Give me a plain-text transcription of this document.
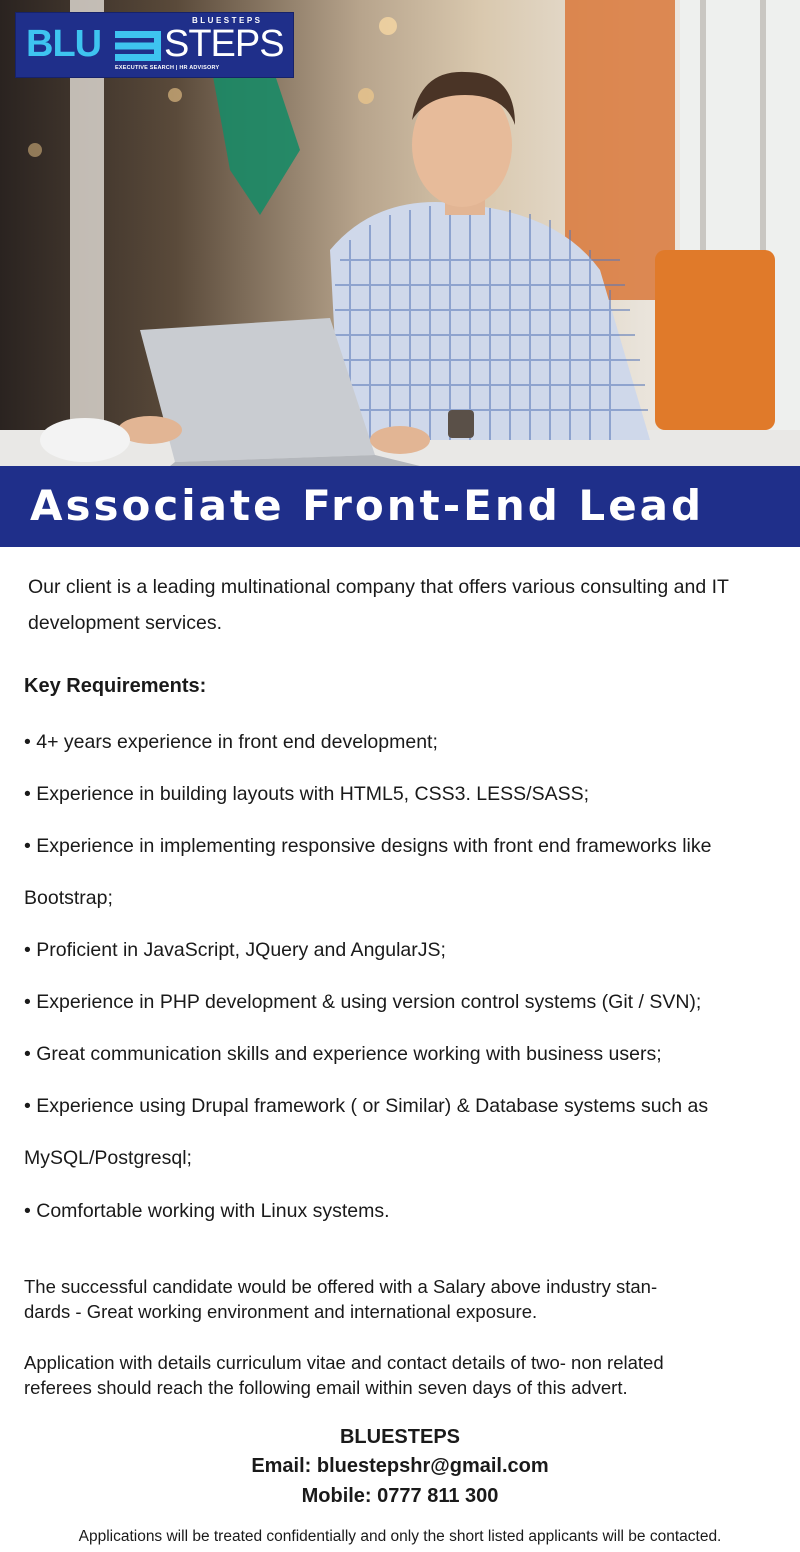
BLUESTEPS
BLU STEPS
EXECUTIVE SEARCH | HR ADVISORY
Associate Front-End Lead

Our client is a leading multinational company that offers various consulting and IT

development services.

Key Requirements:

• 4+ years experience in front end development;

• Experience in building layouts with HTML5, CSS3. LESS/SASS;

• Experience in implementing responsive designs with front end frameworks like

Bootstrap;

• Proficient in JavaScript, JQuery and AngularJS;

• Experience in PHP development & using version control systems (Git / SVN);

• Great communication skills and experience working with business users;

• Experience using Drupal framework ( or Similar) & Database systems such as

MySQL/Postgresql;

• Comfortable working with Linux systems.

The successful candidate would be offered with a Salary above industry stan-

dards - Great working environment and international exposure.

Application with details curriculum vitae and contact details of two- non related

referees should reach the following email within seven days of this advert.

BLUESTEPS

Email: bluestepshr@gmail.com

Mobile: 0777 811 300

Applications will be treated confidentially and only the short listed applicants will be contacted.
